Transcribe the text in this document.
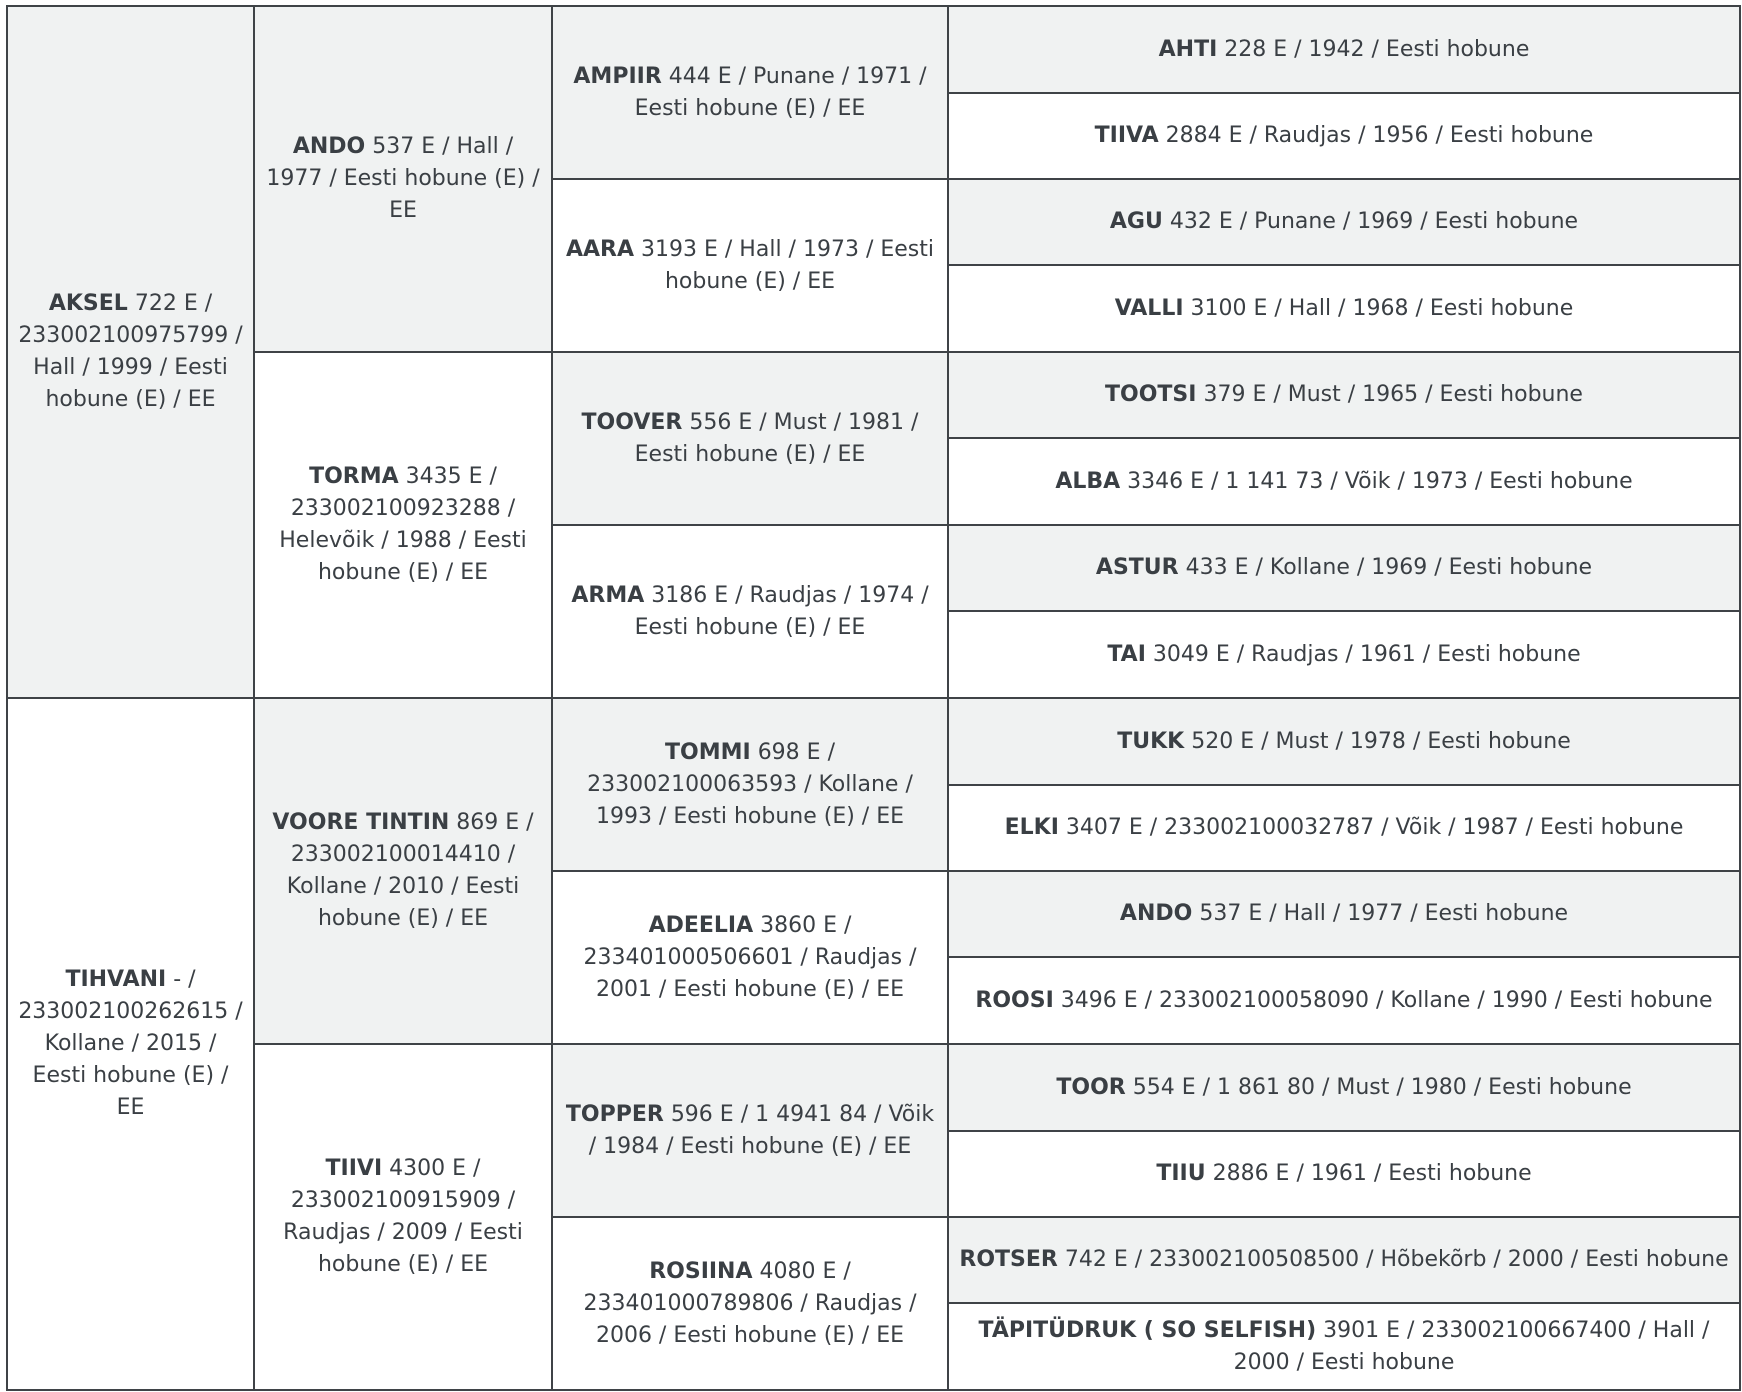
AKSEL 722 E / 233002100975799 / Hall / 1999 / Eesti hobune (E) / EE	ANDO 537 E / Hall / 1977 / Eesti hobune (E) / EE	AMPIIR 444 E / Punane / 1971 / Eesti hobune (E) / EE	AHTI 228 E / 1942 / Eesti hobune
			TIIVA 2884 E / Raudjas / 1956 / Eesti hobune
		AARA 3193 E / Hall / 1973 / Eesti hobune (E) / EE	AGU 432 E / Punane / 1969 / Eesti hobune
			VALLI 3100 E / Hall / 1968 / Eesti hobune
	TORMA 3435 E / 233002100923288 / Helevõik / 1988 / Eesti hobune (E) / EE	TOOVER 556 E / Must / 1981 / Eesti hobune (E) / EE	TOOTSI 379 E / Must / 1965 / Eesti hobune
			ALBA 3346 E / 1 141 73 / Võik / 1973 / Eesti hobune
		ARMA 3186 E / Raudjas / 1974 / Eesti hobune (E) / EE	ASTUR 433 E / Kollane / 1969 / Eesti hobune
			TAI 3049 E / Raudjas / 1961 / Eesti hobune
TIHVANI - / 233002100262615 / Kollane / 2015 / Eesti hobune (E) / EE	VOORE TINTIN 869 E / 233002100014410 / Kollane / 2010 / Eesti hobune (E) / EE	TOMMI 698 E / 233002100063593 / Kollane / 1993 / Eesti hobune (E) / EE	TUKK 520 E / Must / 1978 / Eesti hobune
			ELKI 3407 E / 233002100032787 / Võik / 1987 / Eesti hobune
		ADEELIA 3860 E / 233401000506601 / Raudjas / 2001 / Eesti hobune (E) / EE	ANDO 537 E / Hall / 1977 / Eesti hobune
			ROOSI 3496 E / 233002100058090 / Kollane / 1990 / Eesti hobune
	TIIVI 4300 E / 233002100915909 / Raudjas / 2009 / Eesti hobune (E) / EE	TOPPER 596 E / 1 4941 84 / Võik / 1984 / Eesti hobune (E) / EE	TOOR 554 E / 1 861 80 / Must / 1980 / Eesti hobune
			TIIU 2886 E / 1961 / Eesti hobune
		ROSIINA 4080 E / 233401000789806 / Raudjas / 2006 / Eesti hobune (E) / EE	ROTSER 742 E / 233002100508500 / Hõbekõrb / 2000 / Eesti hobune
			TÄPITÜDRUK ( SO SELFISH) 3901 E / 233002100667400 / Hall / 2000 / Eesti hobune
